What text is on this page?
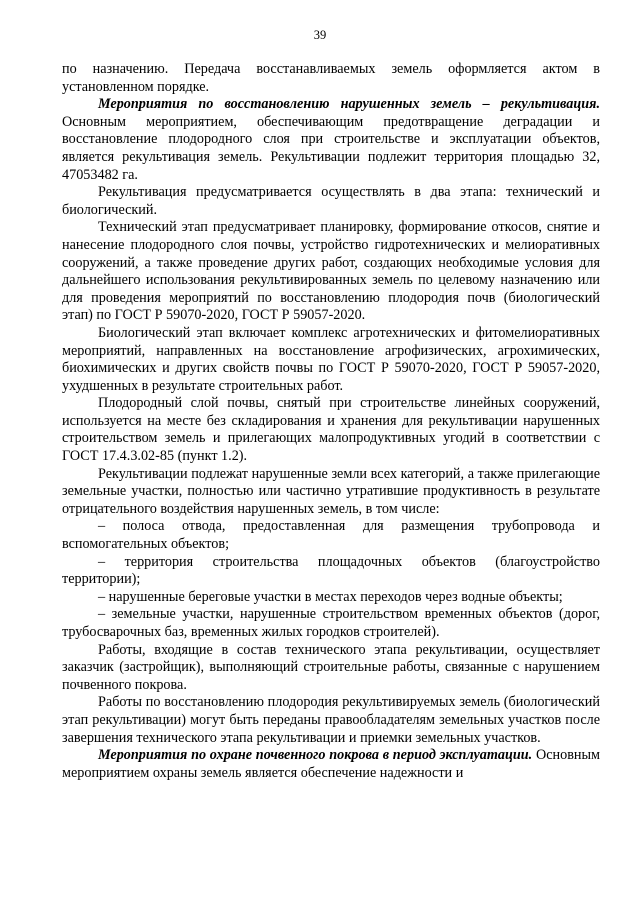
39

по назначению. Передача восстанавливаемых земель оформляется актом в установленном порядке.

Мероприятия по восстановлению нарушенных земель – рекультивация. Основным мероприятием, обеспечивающим предотвращение деградации и восстановление плодородного слоя при строительстве и эксплуатации объектов, является рекультивация земель. Рекультивации подлежит территория площадью 32, 47053482 га.

Рекультивация предусматривается осуществлять в два этапа: технический и биологический.

Технический этап предусматривает планировку, формирование откосов, снятие и нанесение плодородного слоя почвы, устройство гидротехнических и мелиоративных сооружений, а также проведение других работ, создающих необходимые условия для дальнейшего использования рекультивированных земель по целевому назначению или для проведения мероприятий по восстановлению плодородия почв (биологический этап) по ГОСТ Р 59070-2020, ГОСТ Р 59057-2020.

Биологический этап включает комплекс агротехнических и фитомелиоративных мероприятий, направленных на восстановление агрофизических, агрохимических, биохимических и других свойств почвы по ГОСТ Р 59070-2020, ГОСТ Р 59057-2020, ухудшенных в результате строительных работ.

Плодородный слой почвы, снятый при строительстве линейных сооружений, используется на месте без складирования и хранения для рекультивации нарушенных строительством земель и прилегающих малопродуктивных угодий в соответствии с ГОСТ 17.4.3.02-85 (пункт 1.2).

Рекультивации подлежат нарушенные земли всех категорий, а также прилегающие земельные участки, полностью или частично утратившие продуктивность в результате отрицательного воздействия нарушенных земель, в том числе:

– полоса отвода, предоставленная для размещения трубопровода и вспомогательных объектов;

– территория строительства площадочных объектов (благоустройство территории);

– нарушенные береговые участки в местах переходов через водные объекты;

– земельные участки, нарушенные строительством временных объектов (дорог, трубосварочных баз, временных жилых городков строителей).

Работы, входящие в состав технического этапа рекультивации, осуществляет заказчик (застройщик), выполняющий строительные работы, связанные с нарушением почвенного покрова.

Работы по восстановлению плодородия рекультивируемых земель (биологический этап рекультивации) могут быть переданы правообладателям земельных участков после завершения технического этапа рекультивации и приемки земельных участков.

Мероприятия по охране почвенного покрова в период эксплуатации. Основным мероприятием охраны земель является обеспечение надежности и
